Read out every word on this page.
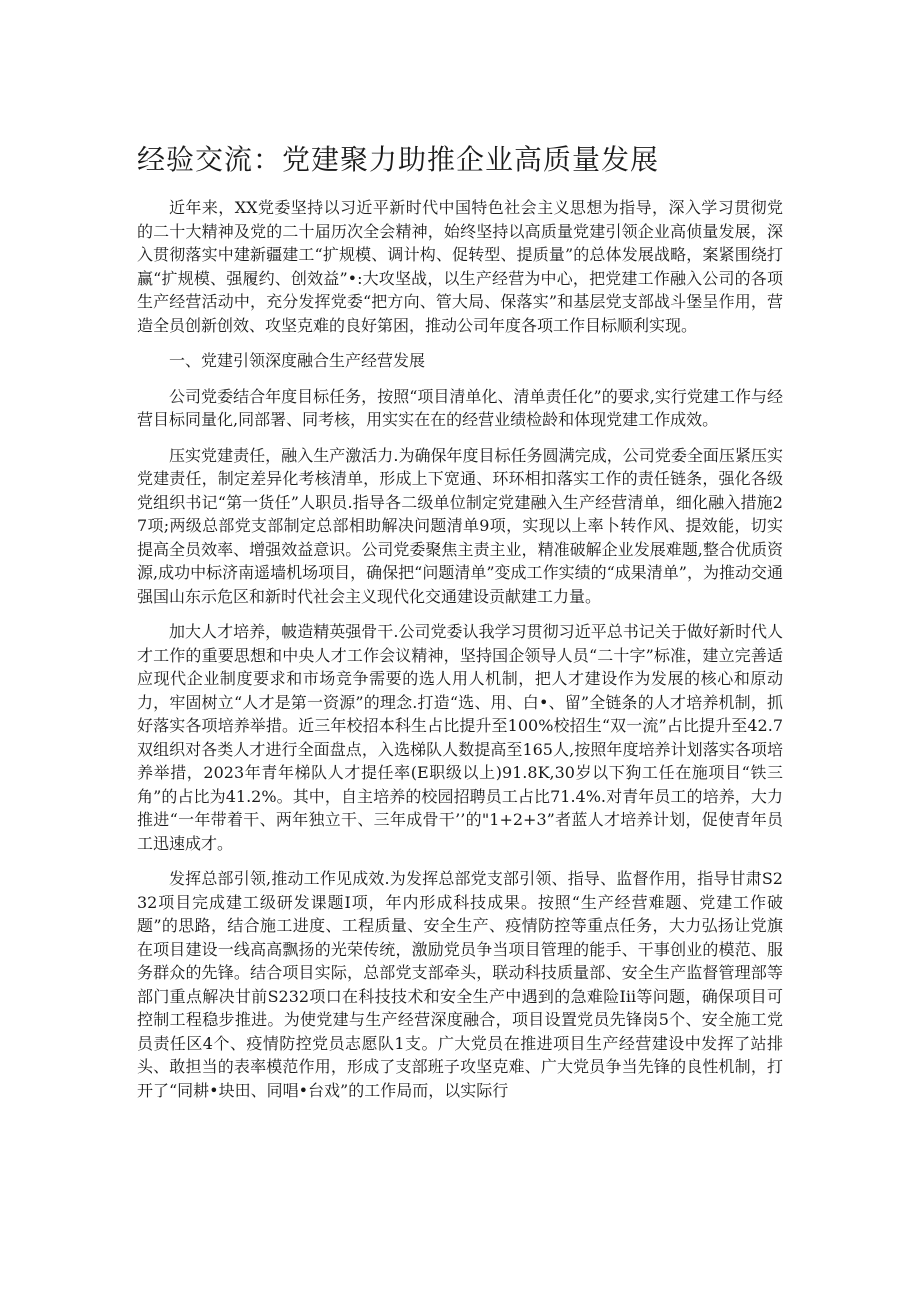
经验交流：党建聚力助推企业高质量发展

近年来，XX党委坚持以习近平新时代中国特色社会主义思想为指导，深入学习贯彻党的二十大精神及党的二十届历次全会精神，始终坚持以高质量党建引领企业高侦量发展，深入贯彻落实中建新疆建工“扩规模、调计构、促转型、提质量”的总体发展战略，案紧围绕打赢“扩规模、强履约、创效益”•:大攻坚战，以生产经营为中心，把党建工作融入公司的各项生产经营活动中，充分发挥党委“把方向、管大局、保落实”和基层党支部战斗堡呈作用，营造全员创新创效、攻坚克难的良好第困，推动公司年度各项工作目标顺利实现。

一、党建引领深度融合生产经营发展

公司党委结合年度目标任务，按照“项目清单化、清单责任化”的要求,实行党建工作与经营目标同量化,同部署、同考核，用实实在在的经营业绩检龄和体现党建工作成效。

压实党建责任，融入生产激活力.为确保年度目标任务圆满完成，公司党委全面压紧压实党建责任，制定差异化考核清单，形成上下宽通、环环相扣落实工作的责任链条，强化各级党组织书记“第一货任”人职员.指导各二级单位制定党建融入生产经营清单，细化融入措施27项;两级总部党支部制定总部相助解决问题清单9项，实现以上率卜转作风、提效能，切实提高全员效率、增强效益意识。公司党委聚焦主责主业，精准破解企业发展难题,整合优质资源,成功中标济南遥墙机场项目，确保把“问题清单”变成工作实绩的“成果清单”，为推动交通强国山东示危区和新时代社会主义现代化交通建设贡献建工力量。

加大人才培养，帔造精英强骨干.公司党委认我学习贯彻习近平总书记关于做好新时代人才工作的重要思想和中央人才工作会议精神，坚持国企领导人员“二十字”标准，建立完善适应现代企业制度要求和市场竞争需要的选人用人机制，把人才建设作为发展的核心和原动力，牢固树立“人才是第一资源”的理念.打造“选、用、白•、留”全链条的人才培养机制，抓好落实各项培养举措。近三年校招本科生占比提升至100%校招生“双一流”占比提升至42.7双组织对各类人才进行全面盘点，入选梯队人数提高至165人,按照年度培养计划落实各项培养举措，2023年青年梯队人才提任率(E职级以上)91.8K,30岁以下狗工任在施项目“铁三角”的占比为41.2%。其中，自主培养的校园招聘员工占比71.4%.对青年员工的培养，大力推进“一年带着干、两年独立干、三年成骨干’’的"1+2+3”者蓝人才培养计划，促使青年员工迅速成才。

发挥总部引领,推动工作见成效.为发挥总部党支部引领、指导、监督作用，指导甘肃S232项目完成建工级研发课题I项，年内形成科技成果。按照“生产经营难题、党建工作破题”的思路，结合施工进度、工程质量、安全生产、疫情防控等重点任务，大力弘扬让党旗在项目建设一线高高飘扬的光荣传统，激励党员争当项目管理的能手、干事创业的模范、服务群众的先锋。结合项目实际，总部党支部牵头，联动科技质量部、安全生产监督管理部等部门重点解决甘前S232项口在科技技术和安全生产中遇到的急难险Iii等问题，确保项目可控制工程稳步推进。为使党建与生产经营深度融合，项目设置党员先锋岗5个、安全施工党员责任区4个、疫情防控党员志愿队1支。广大党员在推进项目生产经营建设中发挥了站排头、敢担当的表率模范作用，形成了支部班子攻坚克难、广大党员争当先锋的良性机制，打开了“同耕•块田、同唱•台戏”的工作局而，以实际行
